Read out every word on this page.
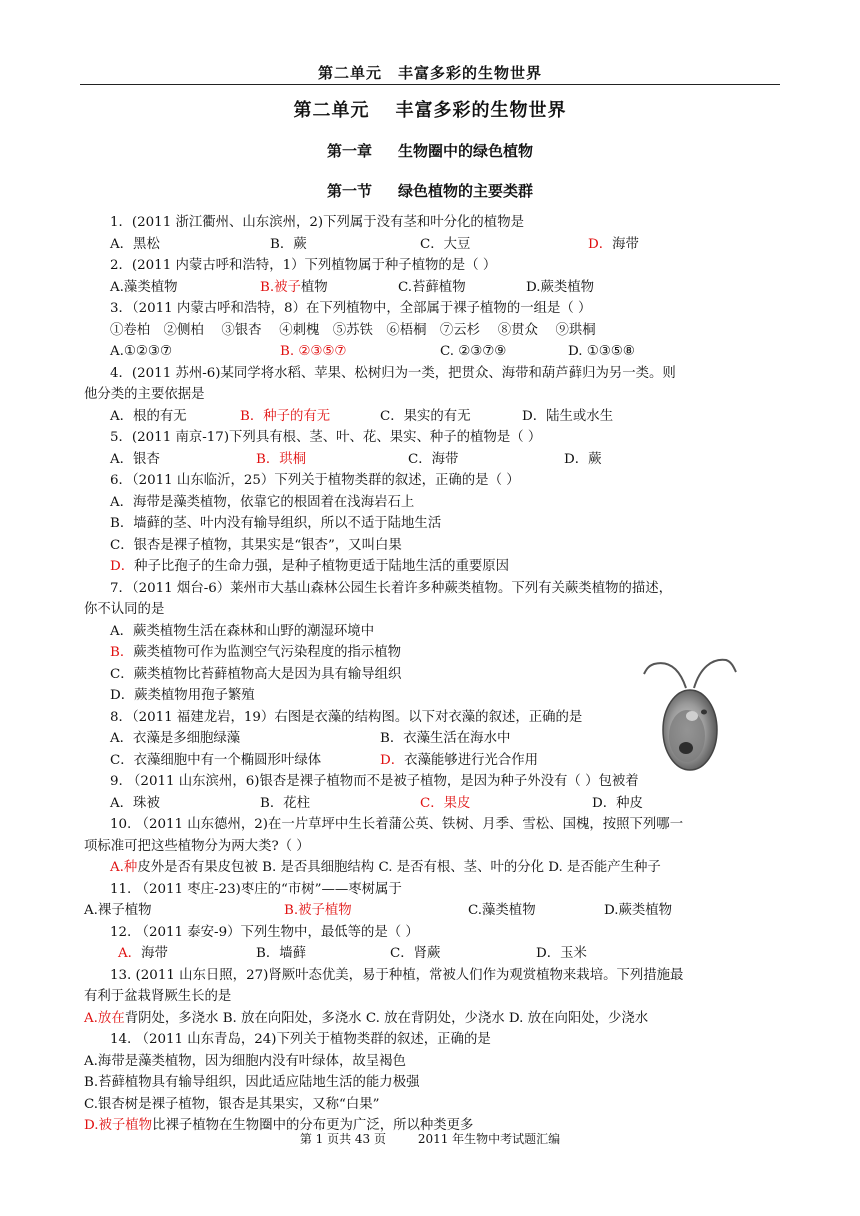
第二单元　丰富多彩的生物世界
第二单元 丰富多彩的生物世界
第一章 生物圈中的绿色植物
第一节 绿色植物的主要类群
1．(2011 浙江衢州、山东滨州，2)下列属于没有茎和叶分化的植物是
A．黑松	B．蕨	C．大豆	D．海带
2．(2011 内蒙古呼和浩特，1）下列植物属于种子植物的是（ ）
A.藻类植物	B.被子植物	C.苔藓植物	D.蕨类植物
3．（2011 内蒙古呼和浩特，8）在下列植物中，全部属于裸子植物的一组是（ ）
①卷柏　②侧柏　 ③银杏　 ④刺槐　⑤苏铁　⑥梧桐　⑦云杉　 ⑧贯众　 ⑨珙桐
A.①②③⑦	B. ②③⑤⑦	C. ②③⑦⑨	D. ①③⑤⑧
4．(2011 苏州-6)某同学将水稻、苹果、松树归为一类，把贯众、海带和葫芦藓归为另一类。则
他分类的主要依据是
A．根的有无	B．种子的有无	C．果实的有无	D．陆生或水生
5．(2011 南京-17)下列具有根、茎、叶、花、果实、种子的植物是（ ）
A．银杏	B．珙桐	C．海带	D．蕨
6．（2011 山东临沂，25）下列关于植物类群的叙述，正确的是（ ）
A．海带是藻类植物，依靠它的根固着在浅海岩石上
B．墙藓的茎、叶内没有输导组织，所以不适于陆地生活
C．银杏是裸子植物，其果实是“银杏”，又叫白果
D．种子比孢子的生命力强，是种子植物更适于陆地生活的重要原因
7．（2011 烟台-6）莱州市大基山森林公园生长着许多种蕨类植物。下列有关蕨类植物的描述，
你不认同的是
A．蕨类植物生活在森林和山野的潮湿环境中
B．蕨类植物可作为监测空气污染程度的指示植物
C．蕨类植物比苔藓植物高大是因为具有输导组织
D．蕨类植物用孢子繁殖
8．（2011 福建龙岩，19）右图是衣藻的结构图。以下对衣藻的叙述，正确的是
A．衣藻是多细胞绿藻	B．衣藻生活在海水中
C．衣藻细胞中有一个椭圆形叶绿体	D．衣藻能够进行光合作用
9. （2011 山东滨州，6)银杏是裸子植物而不是被子植物，是因为种子外没有（ ）包被着
A．珠被	B．花柱	C．果皮	D．种皮
10. （2011 山东德州，2)在一片草坪中生长着蒲公英、铁树、月季、雪松、国槐，按照下列哪一
项标准可把这些植物分为两大类?（ ）
A.种皮外是否有果皮包被 B. 是否具细胞结构 C. 是否有根、茎、叶的分化 D. 是否能产生种子
11. （2011 枣庄-23)枣庄的“市树”——枣树属于
A.裸子植物	B.被子植物	C.藻类植物	D.蕨类植物
12. （2011 泰安-9）下列生物中，最低等的是（ ）
A．海带	B．墙藓	C．肾蕨	D．玉米
13. (2011 山东日照，27)肾厥叶态优美，易于种植，常被人们作为观赏植物来栽培。下列措施最
有利于盆栽肾厥生长的是
A.放在背阴处，多浇水 B. 放在向阳处，多浇水 C. 放在背阴处，少浇水 D. 放在向阳处，少浇水
14. （2011 山东青岛，24)下列关于植物类群的叙述，正确的是
A.海带是藻类植物，因为细胞内没有叶绿体，故呈褐色
B.苔藓植物具有输导组织，因此适应陆地生活的能力极强
C.银杏树是裸子植物，银杏是其果实，又称“白果”
D.被子植物比裸子植物在生物圈中的分布更为广泛，所以种类更多
第 1 页共 43 页	2011 年生物中考试题汇编
